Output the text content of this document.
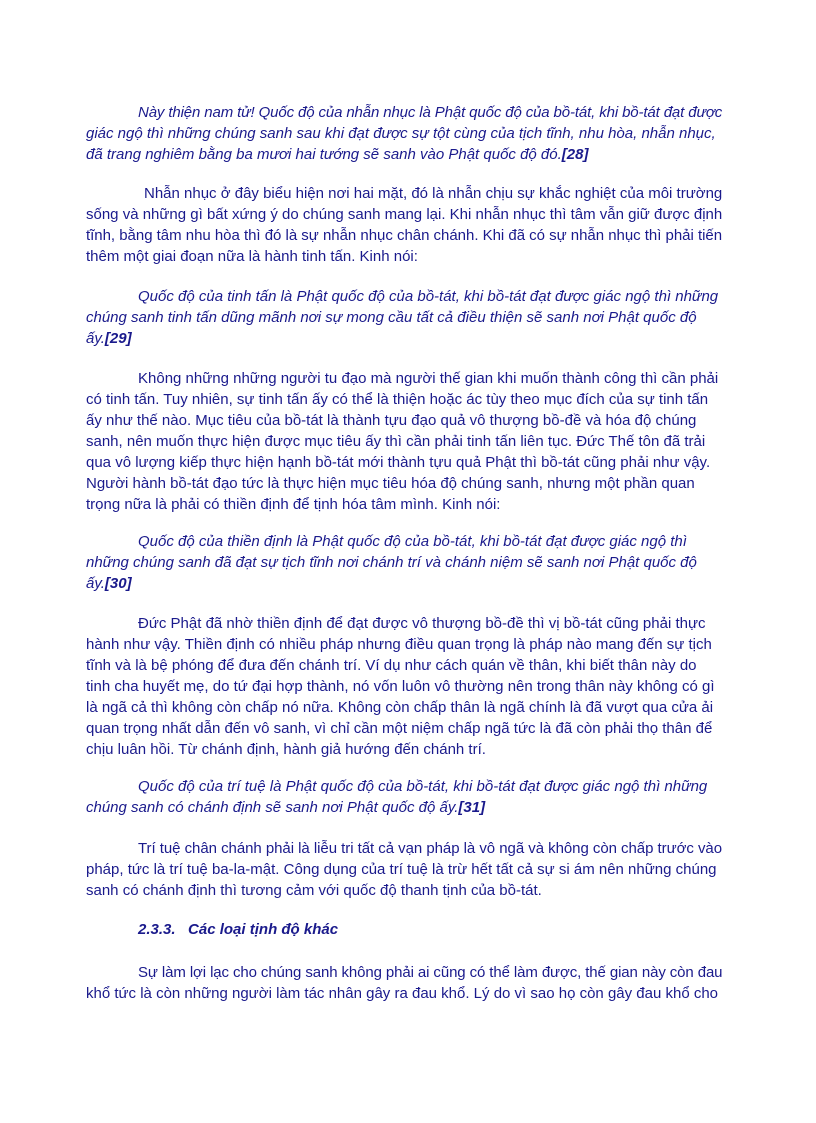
Này thiện nam tử! Quốc độ của nhẫn nhục là Phật quốc độ của bồ-tát, khi bồ-tát đạt được
giác ngộ thì những chúng sanh sau khi đạt được sự tột cùng của tịch tĩnh, nhu hòa, nhẫn nhục,
đã trang nghiêm bằng ba mươi hai tướng sẽ sanh vào Phật quốc độ đó.[28]
Nhẫn nhục ở đây biểu hiện nơi hai mặt, đó là nhẫn chịu sự khắc nghiệt của môi trường
sống và những gì bất xứng ý do chúng sanh mang lại. Khi nhẫn nhục thì tâm vẫn giữ được định
tĩnh, bằng tâm nhu hòa thì đó là sự nhẫn nhục chân chánh. Khi đã có sự nhẫn nhục thì phải tiến
thêm một giai đoạn nữa là hành tinh tấn. Kinh nói:
Quốc độ của tinh tấn là Phật quốc độ của bồ-tát, khi bồ-tát đạt được giác ngộ thì những
chúng sanh tinh tấn dũng mãnh nơi sự mong cầu tất cả điều thiện sẽ sanh nơi Phật quốc độ
ấy.[29]
Không những những người tu đạo mà người thế gian khi muốn thành công thì cần phải
có tinh tấn. Tuy nhiên, sự tinh tấn ấy có thể là thiện hoặc ác tùy theo mục đích của sự tinh tấn
ấy như thế nào. Mục tiêu của bồ-tát là thành tựu đạo quả vô thượng bồ-đề và hóa độ chúng
sanh, nên muốn thực hiện được mục tiêu ấy thì cần phải tinh tấn liên tục. Đức Thế tôn đã trải
qua vô lượng kiếp thực hiện hạnh bồ-tát mới thành tựu quả Phật thì bồ-tát cũng phải như vậy.
Người hành bồ-tát đạo tức là thực hiện mục tiêu hóa độ chúng sanh, nhưng một phần quan
trọng nữa là phải có thiền định để tịnh hóa tâm mình. Kinh nói:
Quốc độ của thiền định là Phật quốc độ của bồ-tát, khi bồ-tát đạt được giác ngộ thì
những chúng sanh đã đạt sự tịch tĩnh nơi chánh trí và chánh niệm sẽ sanh nơi Phật quốc độ
ấy.[30]
Đức Phật đã nhờ thiền định để đạt được vô thượng bồ-đề thì vị bồ-tát cũng phải thực
hành như vậy. Thiền định có nhiều pháp nhưng điều quan trọng là pháp nào mang đến sự tịch
tĩnh và là bệ phóng để đưa đến chánh trí. Ví dụ như cách quán về thân, khi biết thân này do
tinh cha huyết mẹ, do tứ đại hợp thành, nó vốn luôn vô thường nên trong thân này không có gì
là ngã cả thì không còn chấp nó nữa. Không còn chấp thân là ngã chính là đã vượt qua cửa ải
quan trọng nhất dẫn đến vô sanh, vì chỉ cần một niệm chấp ngã tức là đã còn phải thọ thân để
chịu luân hồi. Từ chánh định, hành giả hướng đến chánh trí.
Quốc độ của trí tuệ là Phật quốc độ của bồ-tát, khi bồ-tát đạt được giác ngộ thì những
chúng sanh có chánh định sẽ sanh nơi Phật quốc độ ấy.[31]
Trí tuệ chân chánh phải là liễu tri tất cả vạn pháp là vô ngã và không còn chấp trước vào
pháp, tức là trí tuệ ba-la-mật. Công dụng của trí tuệ là trừ hết tất cả sự si ám nên những chúng
sanh có chánh định thì tương cảm với quốc độ thanh tịnh của bồ-tát.
2.3.3. Các loại tịnh độ khác
Sự làm lợi lạc cho chúng sanh không phải ai cũng có thể làm được, thế gian này còn đau
khổ tức là còn những người làm tác nhân gây ra đau khổ. Lý do vì sao họ còn gây đau khổ cho
